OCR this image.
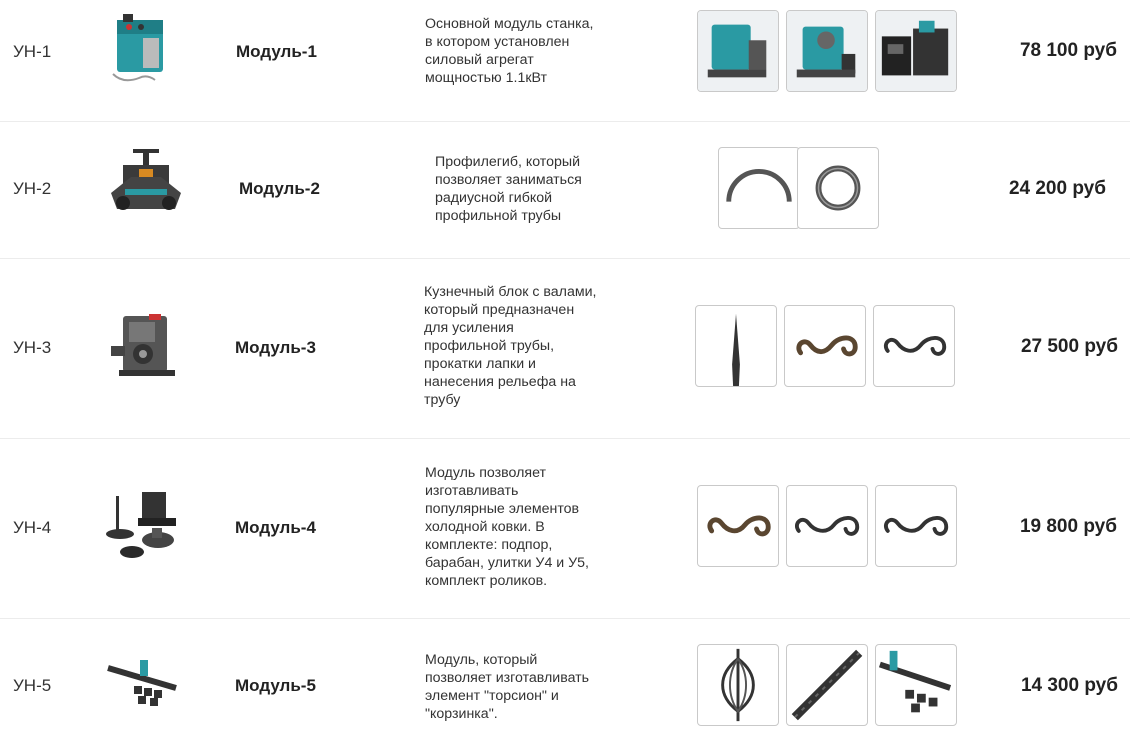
УН-1	Модуль-1
Основной модуль станка,
в котором установлен
силовый агрегат
мощностью 1.1кВт
78 100 руб
УН-2	Модуль-2
Профилегиб, который
позволяет заниматься
радиусной гибкой
профильной трубы
24 200 руб
УН-3	Модуль-3
Кузнечный блок с валами,
который предназначен
для усиления
профильной трубы,
прокатки лапки и
нанесения рельефа на
трубу
27 500 руб
УН-4	Модуль-4
Модуль позволяет
изготавливать
популярные элементов
холодной ковки. В
комплекте: подпор,
барабан, улитки У4 и У5,
комплект роликов.
19 800 руб
УН-5	Модуль-5
Модуль, который
позволяет изготавливать
элемент "торсион" и
"корзинка".
14 300 руб
